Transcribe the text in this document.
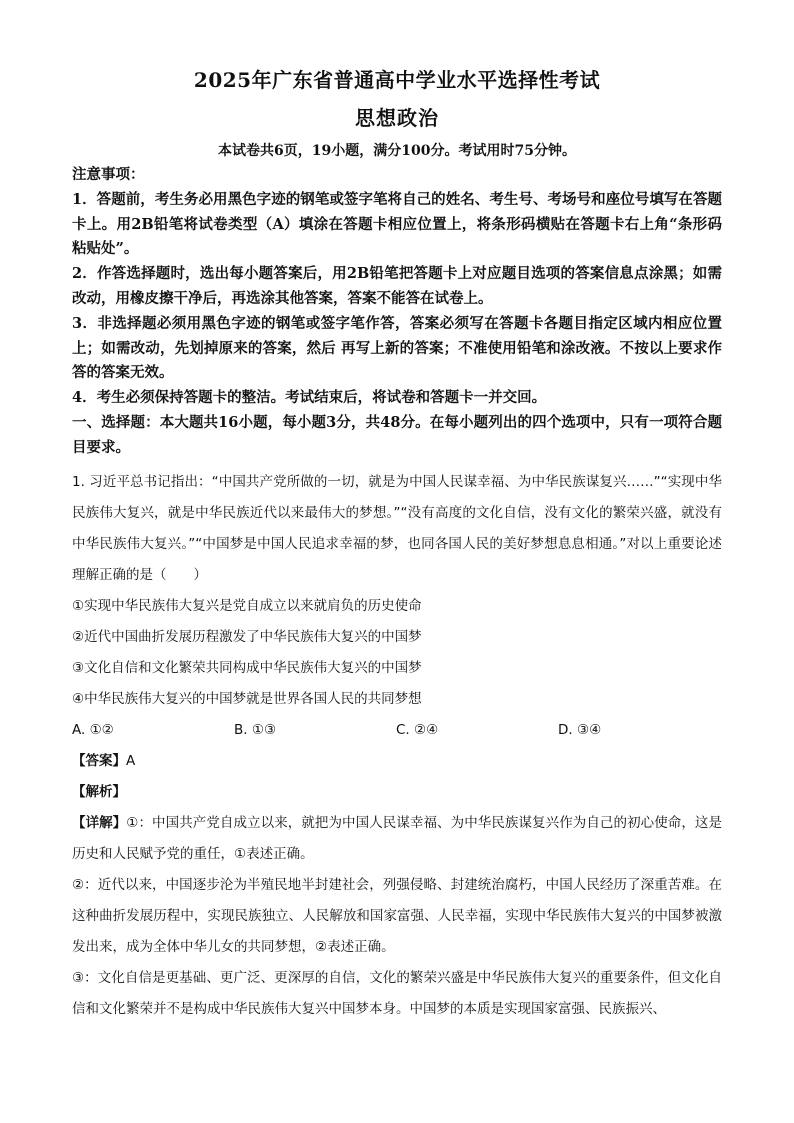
2025年广东省普通高中学业水平选择性考试
思想政治
本试卷共6页，19小题，满分100分。考试用时75分钟。

注意事项：

1．答题前，考生务必用黑色字迹的钢笔或签字笔将自己的姓名、考生号、考场号和座位号填写在答题卡上。用2B铅笔将试卷类型（A）填涂在答题卡相应位置上，将条形码横贴在答题卡右上角“条形码粘贴处”。

2．作答选择题时，选出每小题答案后，用2B铅笔把答题卡上对应题目选项的答案信息点涂黑；如需改动，用橡皮擦干净后，再选涂其他答案，答案不能答在试卷上。

3．非选择题必须用黑色字迹的钢笔或签字笔作答，答案必须写在答题卡各题目指定区域内相应位置上；如需改动，先划掉原来的答案，然后 再写上新的答案；不准使用铅笔和涂改液。不按以上要求作答的答案无效。

4．考生必须保持答题卡的整洁。考试结束后，将试卷和答题卡一并交回。

一、选择题：本大题共16小题，每小题3分，共48分。在每小题列出的四个选项中，只有一项符合题目要求。

1. 习近平总书记指出：“中国共产党所做的一切，就是为中国人民谋幸福、为中华民族谋复兴……”“实现中华民族伟大复兴，就是中华民族近代以来最伟大的梦想。”“没有高度的文化自信，没有文化的繁荣兴盛，就没有中华民族伟大复兴。”“中国梦是中国人民追求幸福的梦，也同各国人民的美好梦想息息相通。”对以上重要论述理解正确的是（　　）

①实现中华民族伟大复兴是党自成立以来就肩负的历史使命

②近代中国曲折发展历程激发了中华民族伟大复兴的中国梦

③文化自信和文化繁荣共同构成中华民族伟大复兴的中国梦

④中华民族伟大复兴的中国梦就是世界各国人民的共同梦想

A. ①②	B. ①③	C. ②④	D. ③④

【答案】A

【解析】

【详解】①：中国共产党自成立以来，就把为中国人民谋幸福、为中华民族谋复兴作为自己的初心使命，这是历史和人民赋予党的重任，①表述正确。

②：近代以来，中国逐步沦为半殖民地半封建社会，列强侵略、封建统治腐朽，中国人民经历了深重苦难。在这种曲折发展历程中，实现民族独立、人民解放和国家富强、人民幸福，实现中华民族伟大复兴的中国梦被激发出来，成为全体中华儿女的共同梦想，②表述正确。

③：文化自信是更基础、更广泛、更深厚的自信，文化的繁荣兴盛是中华民族伟大复兴的重要条件，但文化自信和文化繁荣并不是构成中华民族伟大复兴中国梦本身。中国梦的本质是实现国家富强、民族振兴、
